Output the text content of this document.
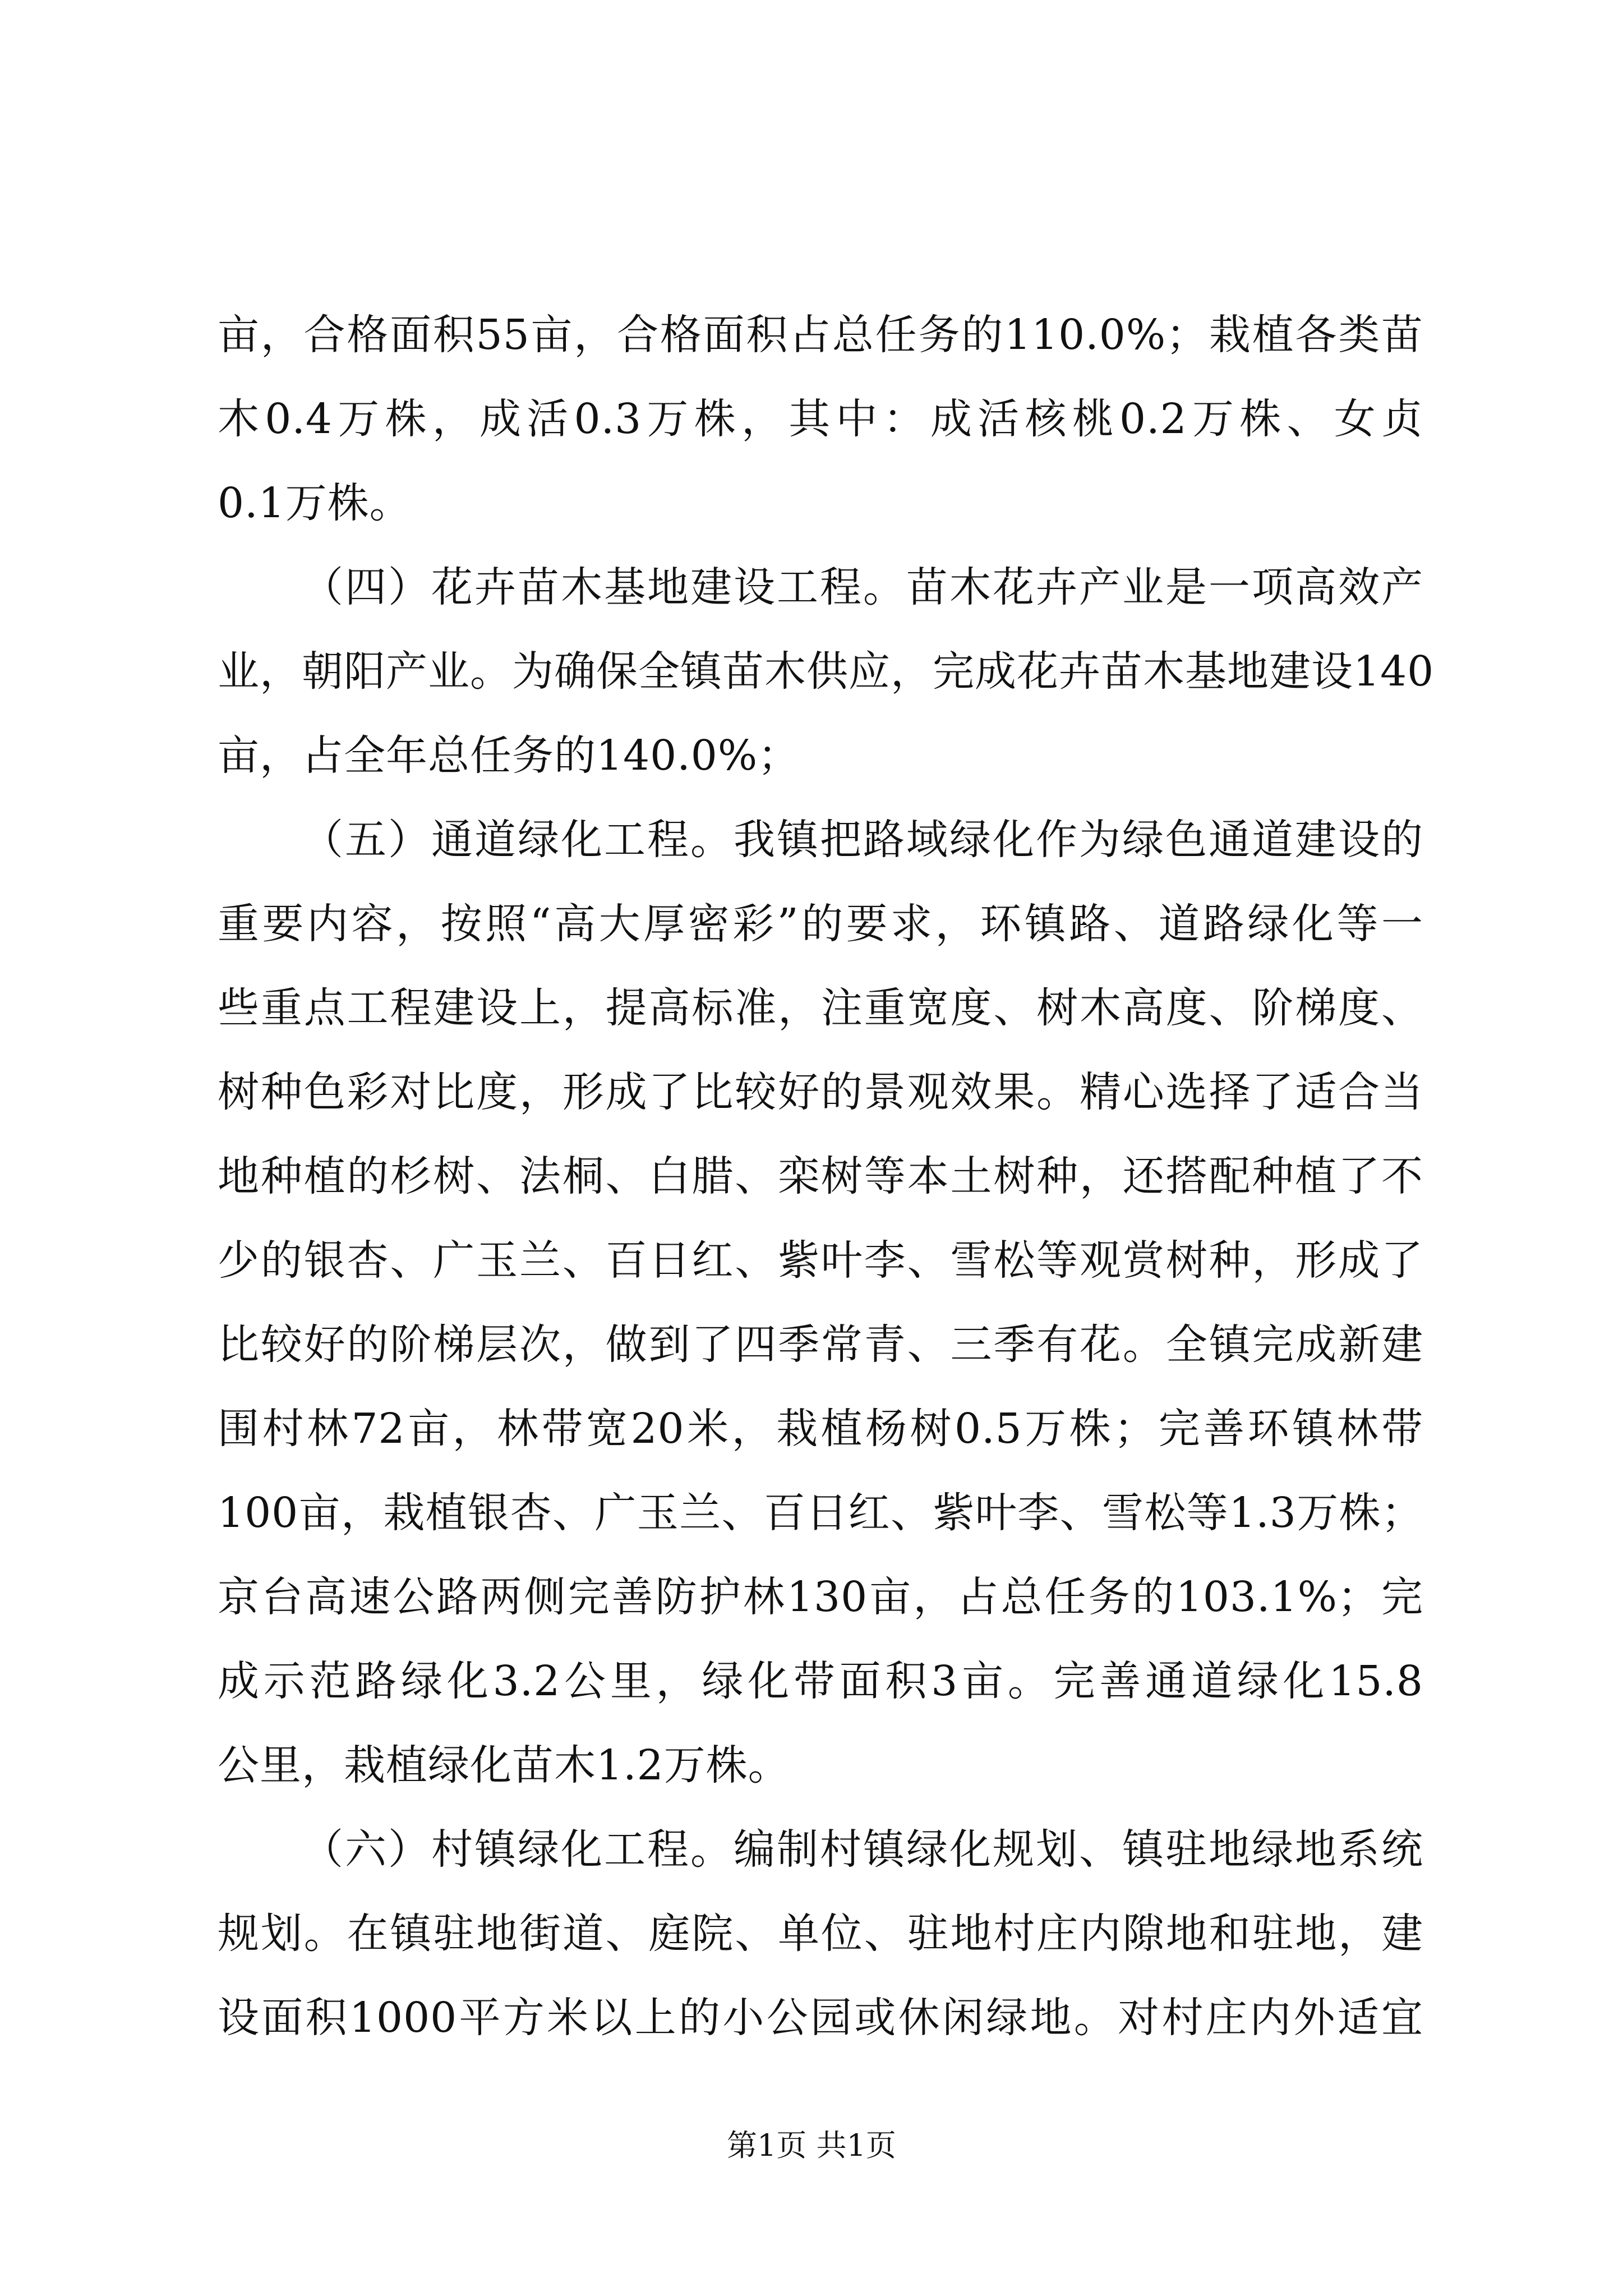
亩，合格面积55亩，合格面积占总任务的110.0%；栽植各类苗
木0.4万株，成活0.3万株，其中：成活核桃0.2万株、女贞
0.1万株。
（四）花卉苗木基地建设工程。苗木花卉产业是一项高效产
业，朝阳产业。为确保全镇苗木供应，完成花卉苗木基地建设140
亩，占全年总任务的140.0%；
（五）通道绿化工程。我镇把路域绿化作为绿色通道建设的
重要内容，按照“高大厚密彩”的要求，环镇路、道路绿化等一
些重点工程建设上，提高标准，注重宽度、树木高度、阶梯度、
树种色彩对比度，形成了比较好的景观效果。精心选择了适合当
地种植的杉树、法桐、白腊、栾树等本土树种，还搭配种植了不
少的银杏、广玉兰、百日红、紫叶李、雪松等观赏树种，形成了
比较好的阶梯层次，做到了四季常青、三季有花。全镇完成新建
围村林72亩，林带宽20米，栽植杨树0.5万株；完善环镇林带
100亩，栽植银杏、广玉兰、百日红、紫叶李、雪松等1.3万株；
京台高速公路两侧完善防护林130亩，占总任务的103.1%；完
成示范路绿化3.2公里，绿化带面积3亩。完善通道绿化15.8
公里，栽植绿化苗木1.2万株。
（六）村镇绿化工程。编制村镇绿化规划、镇驻地绿地系统
规划。在镇驻地街道、庭院、单位、驻地村庄内隙地和驻地，建
设面积1000平方米以上的小公园或休闲绿地。对村庄内外适宜
第1页 共1页
